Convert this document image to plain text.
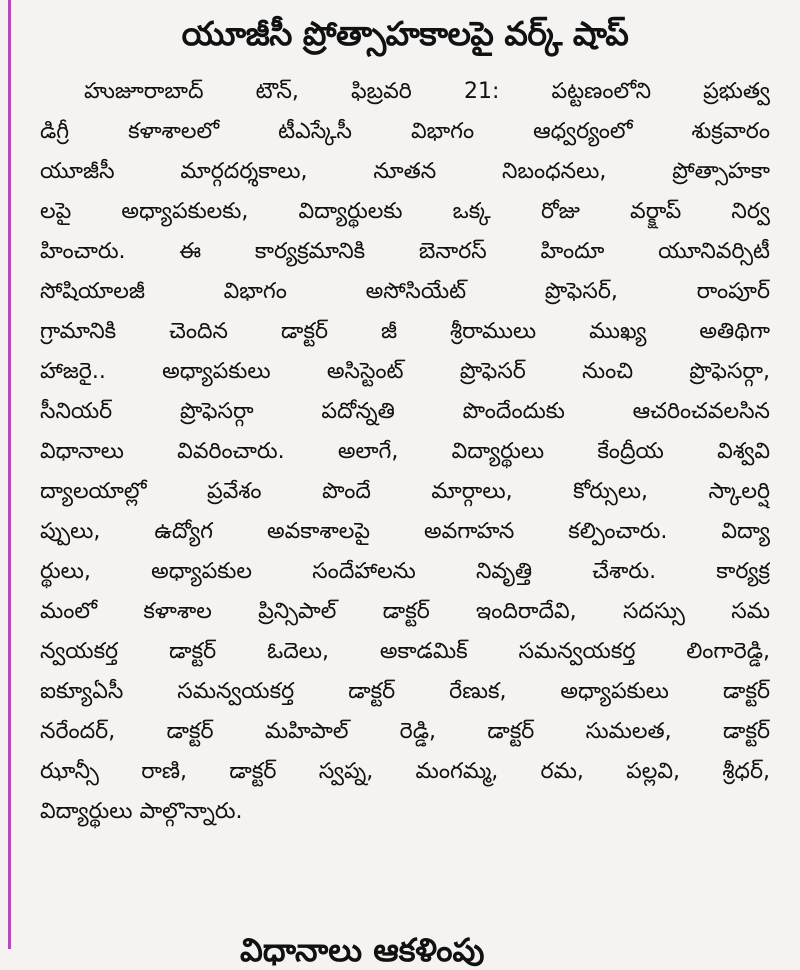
యూజీసీ ప్రోత్సాహకాలపై వర్క్ షాప్
హుజూరాబాద్ టౌన్, ఫిబ్రవరి 21: పట్టణంలోని ప్రభుత్వ
డిగ్రీ కళాశాలలో టీఎస్కేసీ విభాగం ఆధ్వర్యంలో శుక్రవారం
యూజీసీ మార్గదర్శకాలు, నూతన నిబంధనలు, ప్రోత్సాహకా
లపై అధ్యాపకులకు, విద్యార్థులకు ఒక్క రోజు వర్క్షాప్ నిర్వ
హించారు. ఈ కార్యక్రమానికి బెనారస్ హిందూ యూనివర్సిటీ
సోషియాలజీ విభాగం అసోసియేట్ ప్రొఫెసర్, రాంపూర్
గ్రామానికి చెందిన డాక్టర్ జీ శ్రీరాములు ముఖ్య అతిథిగా
హాజరై.. అధ్యాపకులు అసిస్టెంట్ ప్రొఫెసర్ నుంచి ప్రొఫెసర్గా,
సీనియర్ ప్రొఫెసర్గా పదోన్నతి పొందేందుకు ఆచరించవలసిన
విధానాలు వివరించారు. అలాగే, విద్యార్థులు కేంద్రీయ విశ్వవి
ద్యాలయాల్లో ప్రవేశం పొందే మార్గాలు, కోర్సులు, స్కాలర్షి
ప్పులు, ఉద్యోగ అవకాశాలపై అవగాహన కల్పించారు. విద్యా
ర్థులు, అధ్యాపకుల సందేహాలను నివృత్తి చేశారు. కార్యక్ర
మంలో కళాశాల ప్రిన్సిపాల్ డాక్టర్ ఇందిరాదేవి, సదస్సు సమ
న్వయకర్త డాక్టర్ ఓదెలు, అకాడమిక్ సమన్వయకర్త లింగారెడ్డి,
ఐక్యూఏసీ సమన్వయకర్త డాక్టర్ రేణుక, అధ్యాపకులు డాక్టర్
నరేందర్, డాక్టర్ మహిపాల్ రెడ్డి, డాక్టర్ సుమలత, డాక్టర్
ఝాన్సీ రాణి, డాక్టర్ స్వప్న, మంగమ్మ, రమ, పల్లవి, శ్రీధర్,
విద్యార్థులు పాల్గొన్నారు.
విధానాలు ఆకళింపు
